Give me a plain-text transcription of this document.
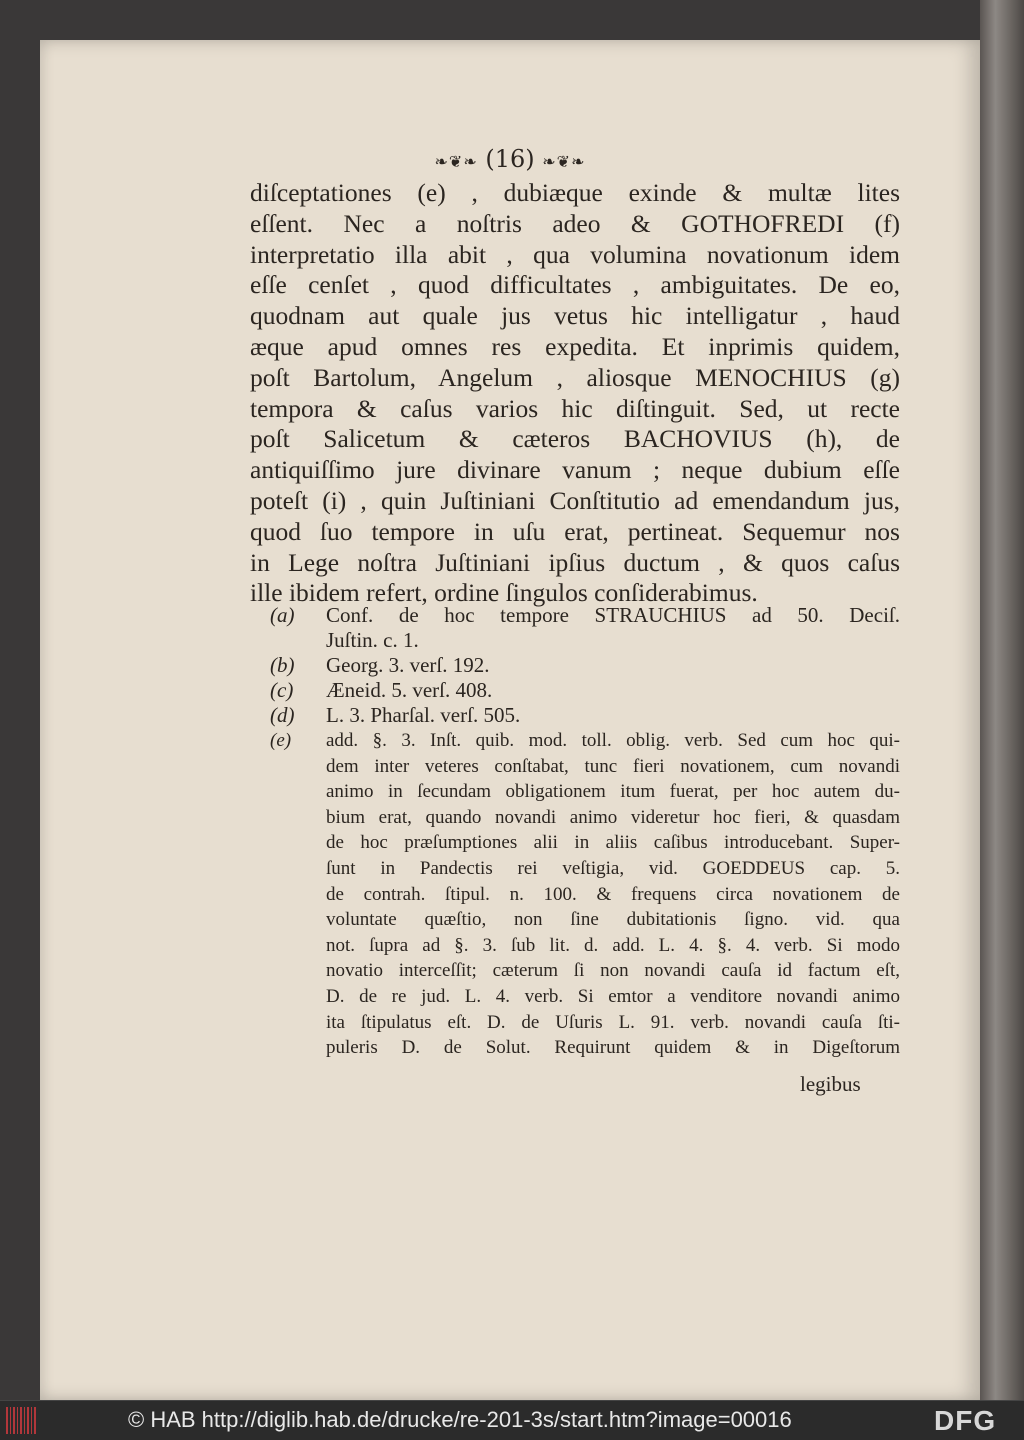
❧❦❧ (16) ❧❦❧
diſceptationes (e) , dubiæque exinde & multæ lites
eſſent. Nec a noſtris adeo & GOTHOFREDI (f)
interpretatio illa abit , qua volumina novationum idem
eſſe cenſet , quod difficultates , ambiguitates. De eo,
quodnam aut quale jus vetus hic intelligatur , haud
æque apud omnes res expedita. Et inprimis quidem,
poſt Bartolum, Angelum , aliosque MENOCHIUS (g)
tempora & caſus varios hic diſtinguit. Sed, ut recte
poſt Salicetum & cæteros BACHOVIUS (h), de
antiquiſſimo jure divinare vanum ; neque dubium eſſe
poteſt (i) , quin Juſtiniani Conſtitutio ad emendandum jus,
quod ſuo tempore in uſu erat, pertineat. Sequemur nos
in Lege noſtra Juſtiniani ipſius ductum , & quos caſus
ille ibidem refert, ordine ſingulos conſiderabimus.
(a) Conf. de hoc tempore STRAUCHIUS ad 50. Deciſ.
Juſtin. c. 1.
(b) Georg. 3. verſ. 192.
(c) Æneid. 5. verſ. 408.
(d) L. 3. Pharſal. verſ. 505.
(e) add. §. 3. Inſt. quib. mod. toll. oblig. verb. Sed cum hoc qui-
dem inter veteres conſtabat, tunc fieri novationem, cum novandi
animo in ſecundam obligationem itum fuerat, per hoc autem du-
bium erat, quando novandi animo videretur hoc fieri, & quasdam
de hoc præſumptiones alii in aliis caſibus introducebant. Super-
ſunt in Pandectis rei veſtigia, vid. GOEDDEUS cap. 5.
de contrah. ſtipul. n. 100. & frequens circa novationem de
voluntate quæſtio, non ſine dubitationis ſigno. vid. qua
not. ſupra ad §. 3. ſub lit. d. add. L. 4. §. 4. verb. Si modo
novatio interceſſit; cæterum ſi non novandi cauſa id factum eſt,
D. de re jud. L. 4. verb. Si emtor a venditore novandi animo
ita ſtipulatus eſt. D. de Uſuris L. 91. verb. novandi cauſa ſti-
puleris D. de Solut. Requirunt quidem & in Digeſtorum
legibus
© HAB http://diglib.hab.de/drucke/re-201-3s/start.htm?image=00016	DFG
